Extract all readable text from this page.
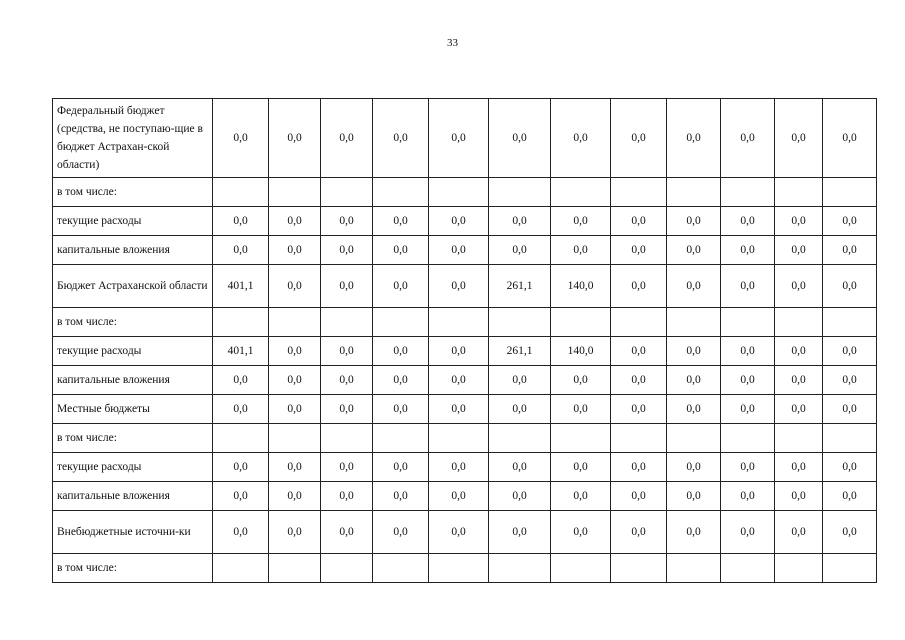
33
Федеральный бюджет (средства, не поступаю-щие в бюджет Астрахан-ской области)	0,0	0,0	0,0	0,0	0,0	0,0	0,0	0,0	0,0	0,0	0,0	0,0
в том числе:												
текущие расходы	0,0	0,0	0,0	0,0	0,0	0,0	0,0	0,0	0,0	0,0	0,0	0,0
капитальные вложения	0,0	0,0	0,0	0,0	0,0	0,0	0,0	0,0	0,0	0,0	0,0	0,0
Бюджет Астраханской области	401,1	0,0	0,0	0,0	0,0	261,1	140,0	0,0	0,0	0,0	0,0	0,0
в том числе:												
текущие расходы	401,1	0,0	0,0	0,0	0,0	261,1	140,0	0,0	0,0	0,0	0,0	0,0
капитальные вложения	0,0	0,0	0,0	0,0	0,0	0,0	0,0	0,0	0,0	0,0	0,0	0,0
Местные бюджеты	0,0	0,0	0,0	0,0	0,0	0,0	0,0	0,0	0,0	0,0	0,0	0,0
в том числе:												
текущие расходы	0,0	0,0	0,0	0,0	0,0	0,0	0,0	0,0	0,0	0,0	0,0	0,0
капитальные вложения	0,0	0,0	0,0	0,0	0,0	0,0	0,0	0,0	0,0	0,0	0,0	0,0
Внебюджетные источни-ки	0,0	0,0	0,0	0,0	0,0	0,0	0,0	0,0	0,0	0,0	0,0	0,0
в том числе:												
